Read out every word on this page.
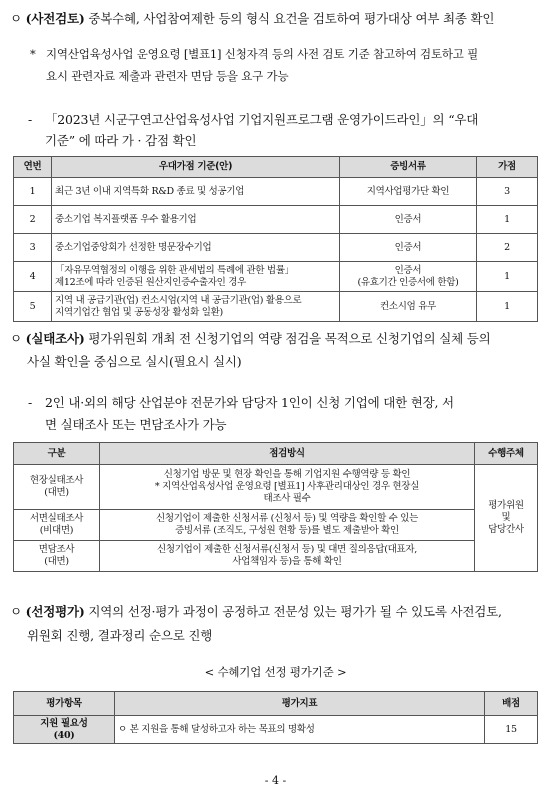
ㅇ (사전검토) 중복수혜, 사업참여제한 등의 형식 요건을 검토하여 평가대상 여부 최종 확인
* 지역산업육성사업 운영요령 [별표1] 신청자격 등의 사전 검토 기준 참고하여 검토하고 필
요시 관련자료 제출과 관련자 면담 등을 요구 가능
- 「2023년 시군구연고산업육성사업 기업지원프로그램 운영가이드라인」의 “우대
기준” 에 따라 가 · 감점 확인
연번	우대가점 기준(안)	증빙서류	가점
1	최근 3년 이내 지역특화 R&D 종료 및 성공기업	지역사업평가단 확인	3
2	중소기업 복지플랫폼 우수 활용기업	인증서	1
3	중소기업중앙회가 선정한 명문장수기업	인증서	2
4	「자유무역협정의 이행을 위한 관세법의 특례에 관한 법률」
제12조에 따라 인증된 원산지인증수출자인 경우	인증서
(유효기간 인증서에 한함)	1
5	지역 내 공급기관(업) 컨소시엄(지역 내 공급기관(업) 활용으로
지역기업간 협업 및 공동성장 활성화 일환)	컨소시엄 유무	1
ㅇ (실태조사) 평가위원회 개최 전 신청기업의 역량 점검을 목적으로 신청기업의 실체 등의
사실 확인을 중심으로 실시(필요시 실시)
- 2인 내·외의 해당 산업분야 전문가와 담당자 1인이 신청 기업에 대한 현장, 서
면 실태조사 또는 면담조사가 가능
구분	점검방식	수행주체

현장실태조사
(대면)	신청기업 방문 및 현장 확인을 통해 기업지원 수행역량 등 확인
* 지역산업육성사업 운영요령 [별표1] 사후관리대상인 경우 현장실
태조사 필수	평가위원
및
담당간사

서면실태조사
(비대면)	신청기업이 제출한 신청서류 (신청서 등) 및 역량을 확인할 수 있는
증빙서류 (조직도, 구성원 현황 등)를 별도 제출받아 확인	

면담조사
(대면)	신청기업이 제출한 신청서류(신청서 등) 및 대면 질의응답(대표자,
사업책임자 등)을 통해 확인	
ㅇ (선정평가) 지역의 선정·평가 과정이 공정하고 전문성 있는 평가가 될 수 있도록 사전검토,
위원회 진행, 결과정리 순으로 진행
< 수혜기업 선정 평가기준 >
평가항목	평가지표	배점

지원 필요성
(40)	ㅇ 본 지원을 통해 달성하고자 하는 목표의 명확성	15
- 4 -
